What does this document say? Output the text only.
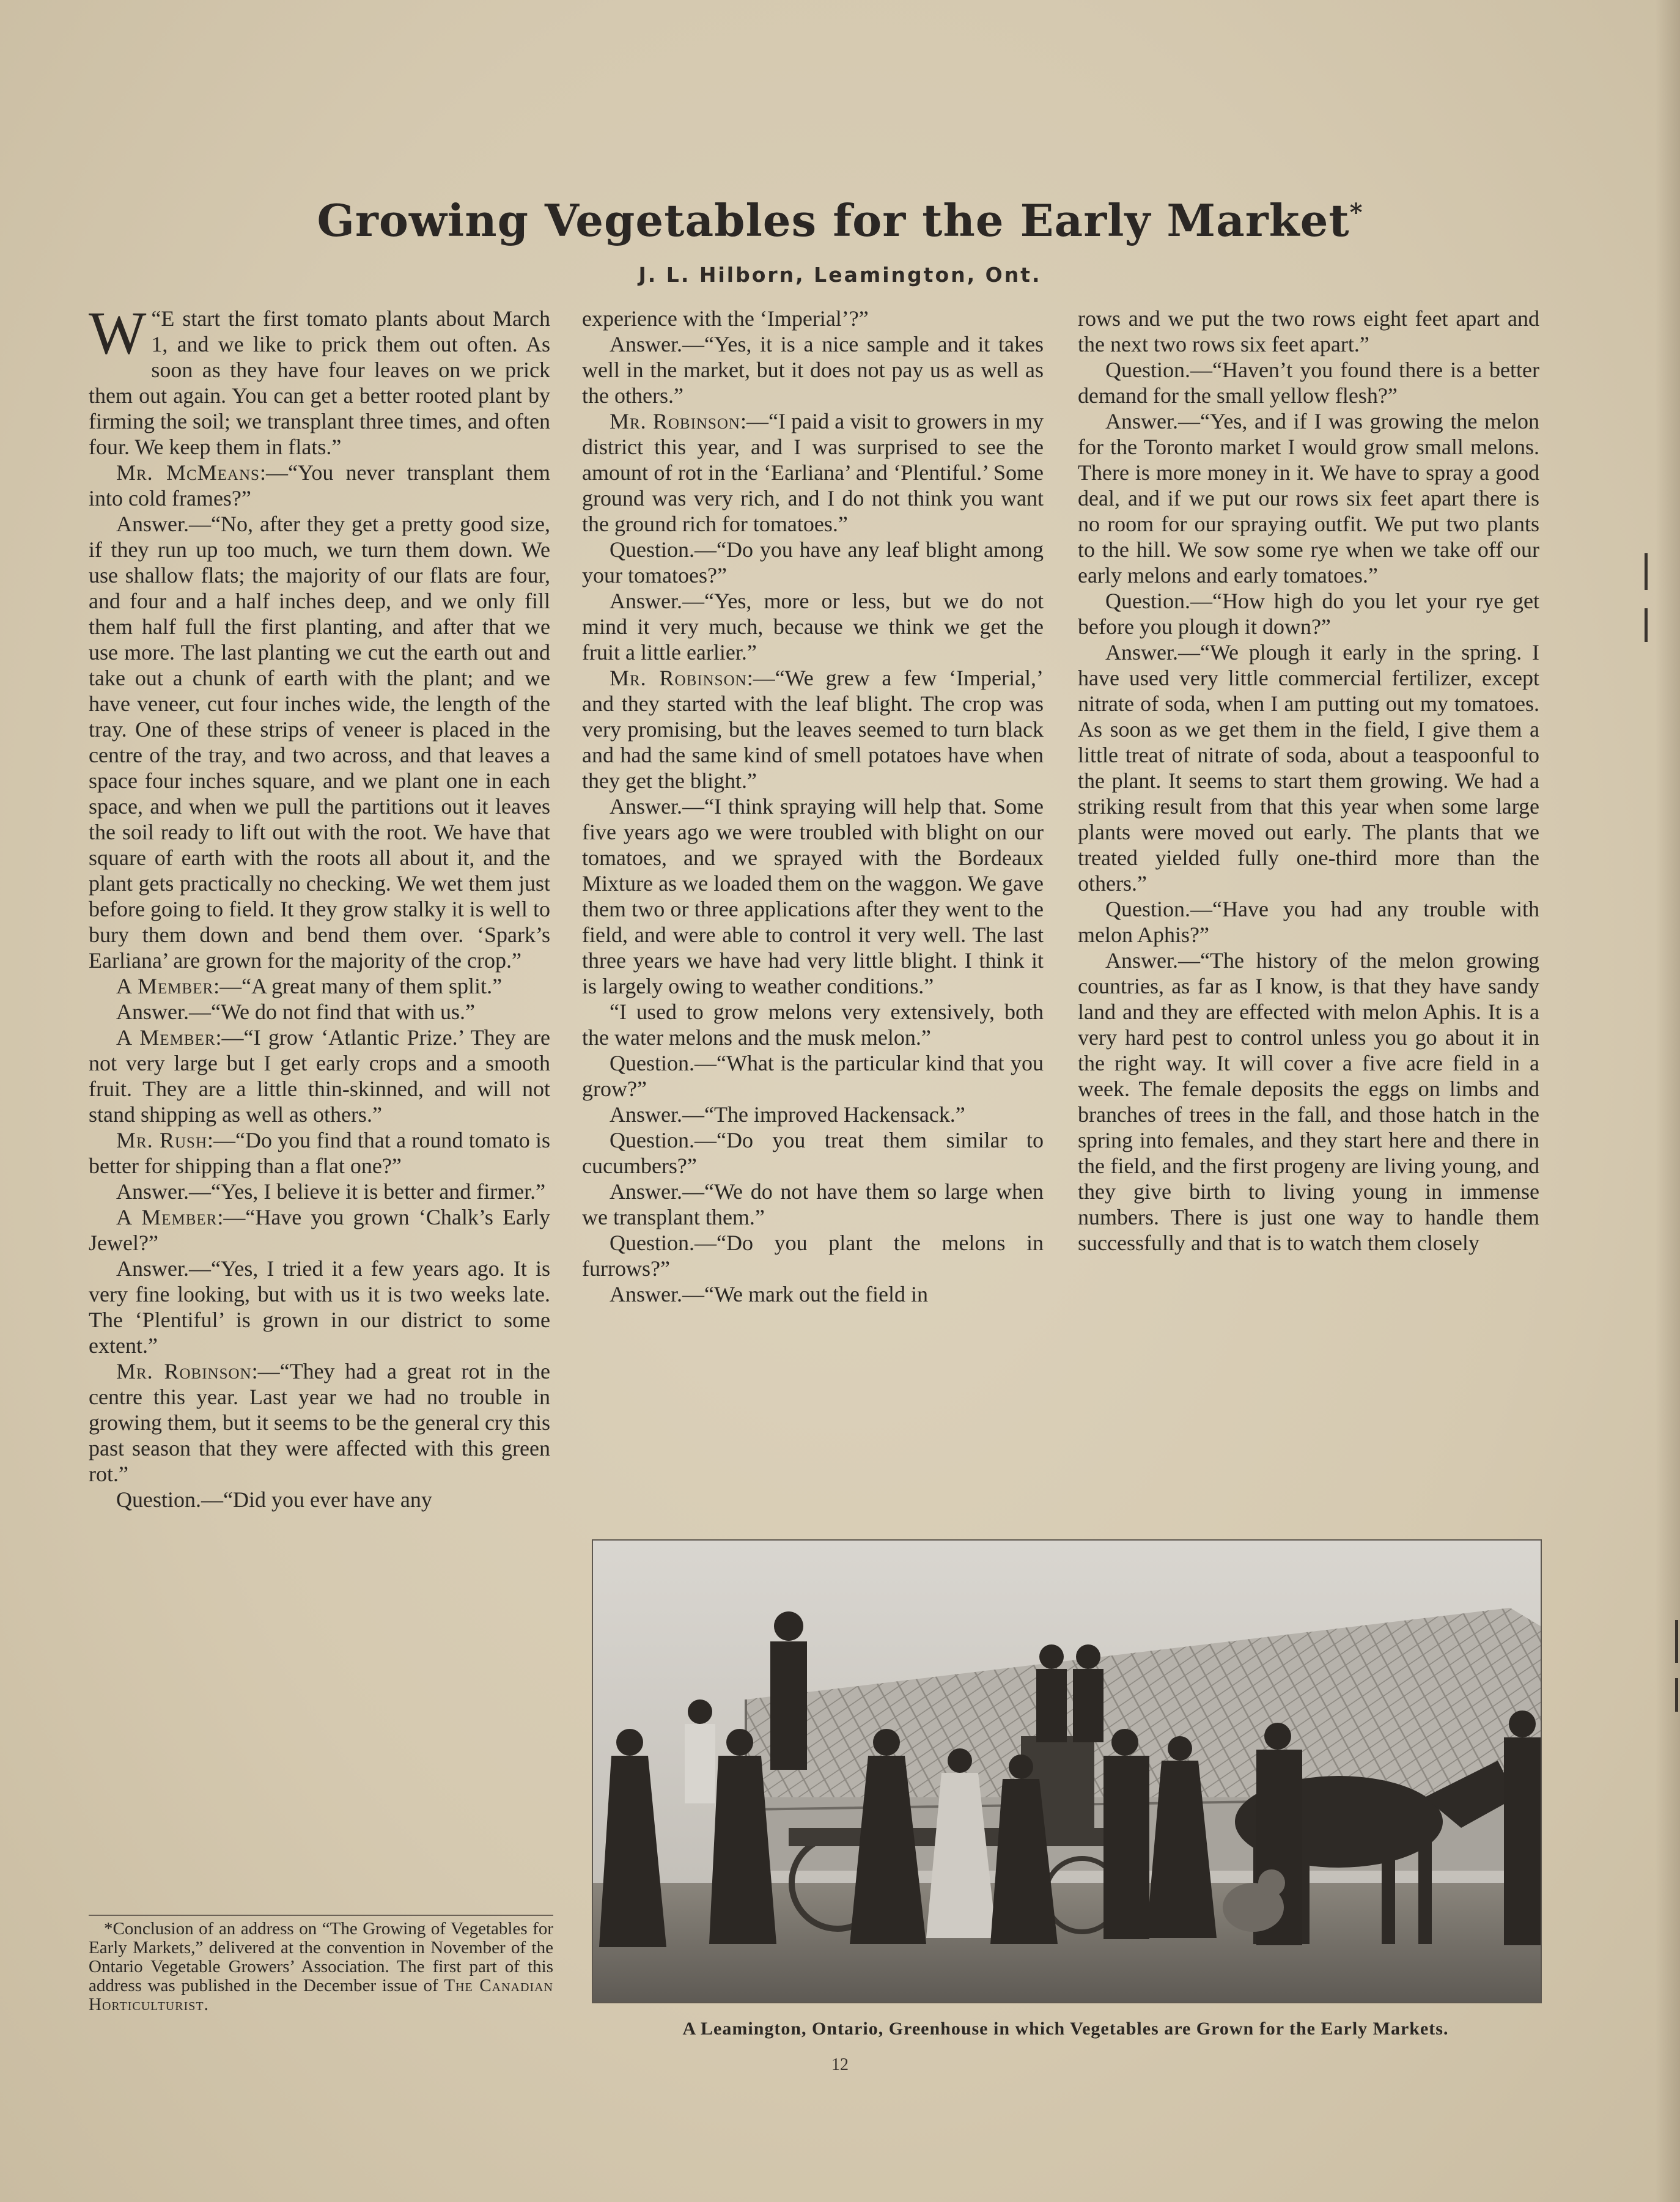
Growing Vegetables for the Early Market*
J. L. Hilborn, Leamington, Ont.

“
W E start the first tomato plants about March 1, and we like to prick them out often. As soon as they have four leaves on we prick them out again. You can get a better rooted plant by firming the soil; we transplant three times, and often four. We keep them in flats.”

Mr. McMeans:—“You never transplant them into cold frames?”

Answer.—“No, after they get a pretty good size, if they run up too much, we turn them down. We use shallow flats; the majority of our flats are four, and four and a half inches deep, and we only fill them half full the first planting, and after that we use more. The last planting we cut the earth out and take out a chunk of earth with the plant; and we have veneer, cut four inches wide, the length of the tray. One of these strips of veneer is placed in the centre of the tray, and two across, and that leaves a space four inches square, and we plant one in each space, and when we pull the partitions out it leaves the soil ready to lift out with the root. We have that square of earth with the roots all about it, and the plant gets practically no checking. We wet them just before going to field. It they grow stalky it is well to bury them down and bend them over. ‘Spark’s Earliana’ are grown for the majority of the crop.”

A Member:—“A great many of them split.”

Answer.—“We do not find that with us.”

A Member:—“I grow ‘Atlantic Prize.’ They are not very large but I get early crops and a smooth fruit. They are a little thin-skinned, and will not stand shipping as well as others.”

Mr. Rush:—“Do you find that a round tomato is better for shipping than a flat one?”

Answer.—“Yes, I believe it is better and firmer.”

A Member:—“Have you grown ‘Chalk’s Early Jewel?”

Answer.—“Yes, I tried it a few years ago. It is very fine looking, but with us it is two weeks late. The ‘Plentiful’ is grown in our district to some extent.”

Mr. Robinson:—“They had a great rot in the centre this year. Last year we had no trouble in growing them, but it seems to be the general cry this past season that they were affected with this green rot.”

Question.—“Did you ever have any

experience with the ‘Imperial’?”

Answer.—“Yes, it is a nice sample and it takes well in the market, but it does not pay us as well as the others.”

Mr. Robinson:—“I paid a visit to growers in my district this year, and I was surprised to see the amount of rot in the ‘Earliana’ and ‘Plentiful.’ Some ground was very rich, and I do not think you want the ground rich for tomatoes.”

Question.—“Do you have any leaf blight among your tomatoes?”

Answer.—“Yes, more or less, but we do not mind it very much, because we think we get the fruit a little earlier.”

Mr. Robinson:—“We grew a few ‘Imperial,’ and they started with the leaf blight. The crop was very promising, but the leaves seemed to turn black and had the same kind of smell potatoes have when they get the blight.”

Answer.—“I think spraying will help that. Some five years ago we were troubled with blight on our tomatoes, and we sprayed with the Bordeaux Mixture as we loaded them on the waggon. We gave them two or three applications after they went to the field, and were able to control it very well. The last three years we have had very little blight. I think it is largely owing to weather conditions.”

“I used to grow melons very extensively, both the water melons and the musk melon.”

Question.—“What is the particular kind that you grow?”

Answer.—“The improved Hackensack.”

Question.—“Do you treat them similar to cucumbers?”

Answer.—“We do not have them so large when we transplant them.”

Question.—“Do you plant the melons in furrows?”

Answer.—“We mark out the field in

rows and we put the two rows eight feet apart and the next two rows six feet apart.”

Question.—“Haven’t you found there is a better demand for the small yellow flesh?”

Answer.—“Yes, and if I was growing the melon for the Toronto market I would grow small melons. There is more money in it. We have to spray a good deal, and if we put our rows six feet apart there is no room for our spraying outfit. We put two plants to the hill. We sow some rye when we take off our early melons and early tomatoes.”

Question.—“How high do you let your rye get before you plough it down?”

Answer.—“We plough it early in the spring. I have used very little commercial fertilizer, except nitrate of soda, when I am putting out my tomatoes. As soon as we get them in the field, I give them a little treat of nitrate of soda, about a teaspoonful to the plant. It seems to start them growing. We had a striking result from that this year when some large plants were moved out early. The plants that we treated yielded fully one-third more than the others.”

Question.—“Have you had any trouble with melon Aphis?”

Answer.—“The history of the melon growing countries, as far as I know, is that they have sandy land and they are effected with melon Aphis. It is a very hard pest to control unless you go about it in the right way. It will cover a five acre field in a week. The female deposits the eggs on limbs and branches of trees in the fall, and those hatch in the spring into females, and they start here and there in the field, and the first progeny are living young, and they give birth to living young in immense numbers. There is just one way to handle them successfully and that is to watch them closely

*Conclusion of an address on “The Growing of Vegetables for Early Markets,” delivered at the convention in November of the Ontario Vegetable Growers’ Association. The first part of this address was published in the December issue of The Canadian Horticulturist.

A Leamington, Ontario, Greenhouse in which Vegetables are Grown for the Early Markets.
12
